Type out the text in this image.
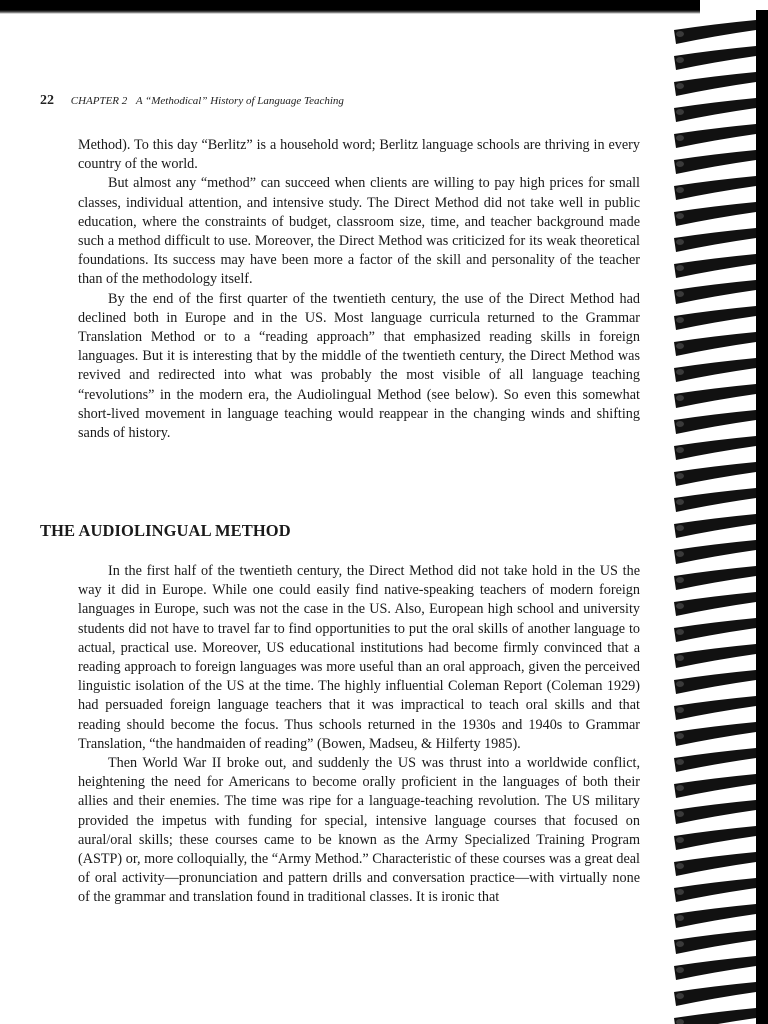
22 CHAPTER 2 A “Methodical” History of Language Teaching

Method). To this day “Berlitz” is a household word; Berlitz language schools are thriving in every country of the world.

But almost any “method” can succeed when clients are willing to pay high prices for small classes, individual attention, and intensive study. The Direct Method did not take well in public education, where the constraints of budget, classroom size, time, and teacher background made such a method difficult to use. Moreover, the Direct Method was criticized for its weak theoretical foundations. Its success may have been more a factor of the skill and personality of the teacher than of the methodology itself.

By the end of the first quarter of the twentieth century, the use of the Direct Method had declined both in Europe and in the US. Most language curricula returned to the Grammar Translation Method or to a “reading approach” that emphasized reading skills in foreign languages. But it is interesting that by the middle of the twentieth century, the Direct Method was revived and redirected into what was probably the most visible of all language teaching “revolutions” in the modern era, the Audiolingual Method (see below). So even this somewhat short-lived movement in language teaching would reappear in the changing winds and shifting sands of history.

THE AUDIOLINGUAL METHOD

In the first half of the twentieth century, the Direct Method did not take hold in the US the way it did in Europe. While one could easily find native-speaking teachers of modern foreign languages in Europe, such was not the case in the US. Also, European high school and university students did not have to travel far to find opportunities to put the oral skills of another language to actual, practical use. Moreover, US educational institutions had become firmly convinced that a reading approach to foreign languages was more useful than an oral approach, given the perceived linguistic isolation of the US at the time. The highly influential Coleman Report (Coleman 1929) had persuaded foreign language teachers that it was impractical to teach oral skills and that reading should become the focus. Thus schools returned in the 1930s and 1940s to Grammar Translation, “the handmaiden of reading” (Bowen, Madseu, & Hilferty 1985).

Then World War II broke out, and suddenly the US was thrust into a worldwide conflict, heightening the need for Americans to become orally proficient in the languages of both their allies and their enemies. The time was ripe for a language-teaching revolution. The US military provided the impetus with funding for special, intensive language courses that focused on aural/oral skills; these courses came to be known as the Army Specialized Training Program (ASTP) or, more colloquially, the “Army Method.” Characteristic of these courses was a great deal of oral activity—pronunciation and pattern drills and conversation practice—with virtually none of the grammar and translation found in traditional classes. It is ironic that
